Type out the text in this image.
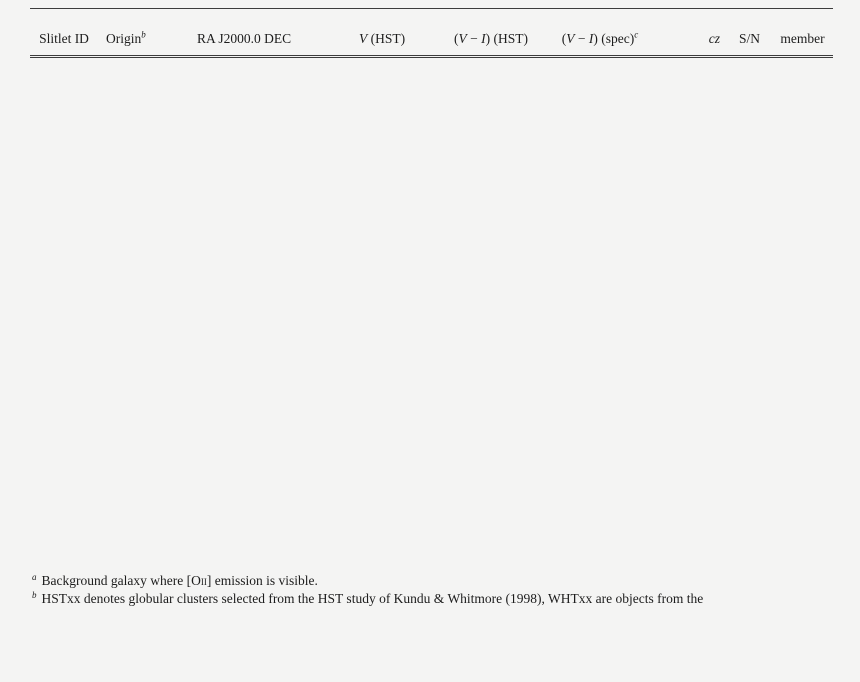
Slitlet ID	Origin$^b$	RA J2000.0 DEC	V (HST)	(V − I) (HST)	(V − I) (spec)$^c$	cz	S/N	member
$^a$ Background galaxy where [Oii] emission is visible.
$^b$ HSTxx denotes globular clusters selected from the HST study of Kundu & Whitmore (1998), WHTxx are objects from the
